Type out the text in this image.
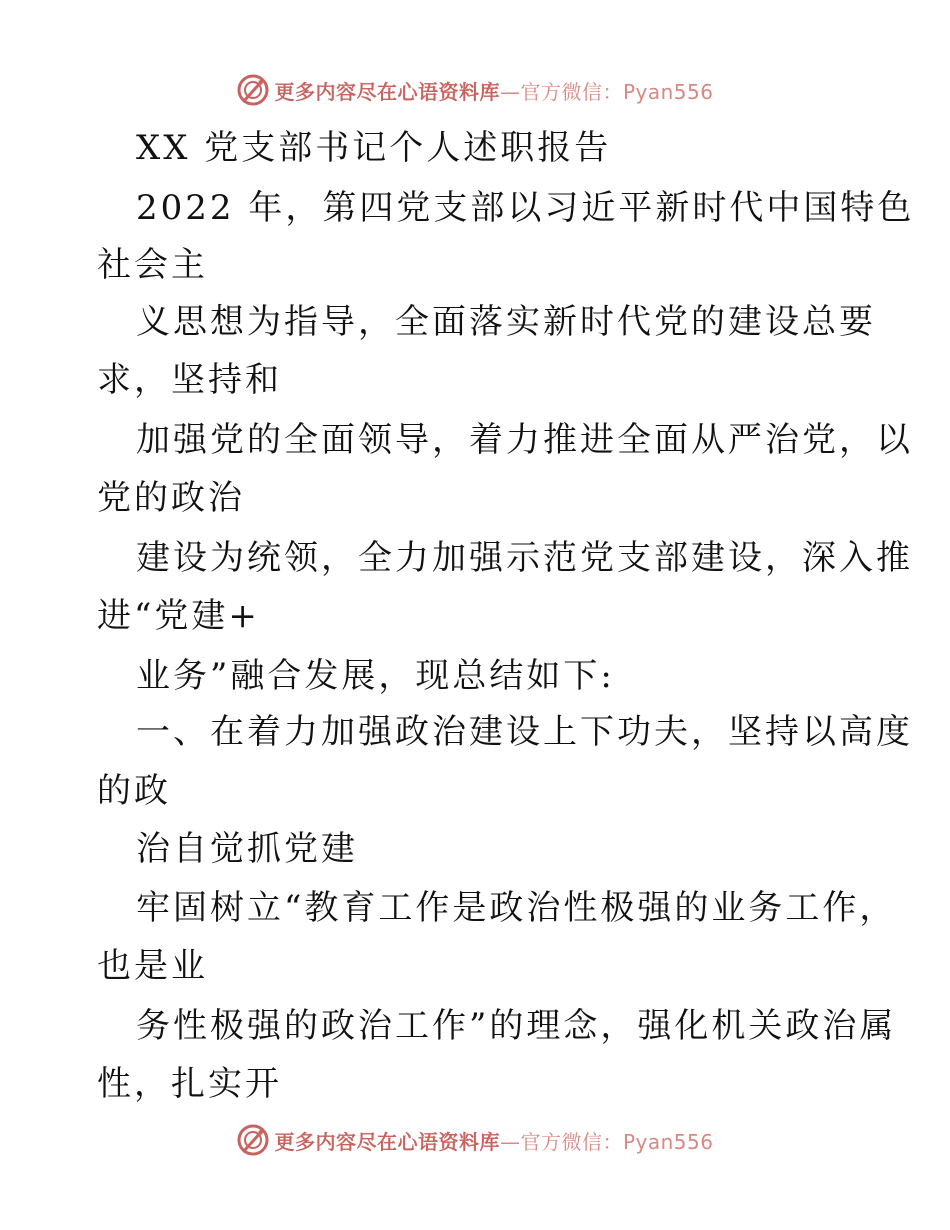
更多内容尽在心语资料库—官方微信：Pyan556
XX 党支部书记个人述职报告
2022 年，第四党支部以习近平新时代中国特色
社会主
义思想为指导，全面落实新时代党的建设总要
求，坚持和
加强党的全面领导，着力推进全面从严治党，以
党的政治
建设为统领，全力加强示范党支部建设，深入推
进“党建+
业务”融合发展，现总结如下:
一、在着力加强政治建设上下功夫，坚持以高度
的政
治自觉抓党建
牢固树立“教育工作是政治性极强的业务工作，
也是业
务性极强的政治工作”的理念，强化机关政治属
性，扎实开
更多内容尽在心语资料库—官方微信：Pyan556
